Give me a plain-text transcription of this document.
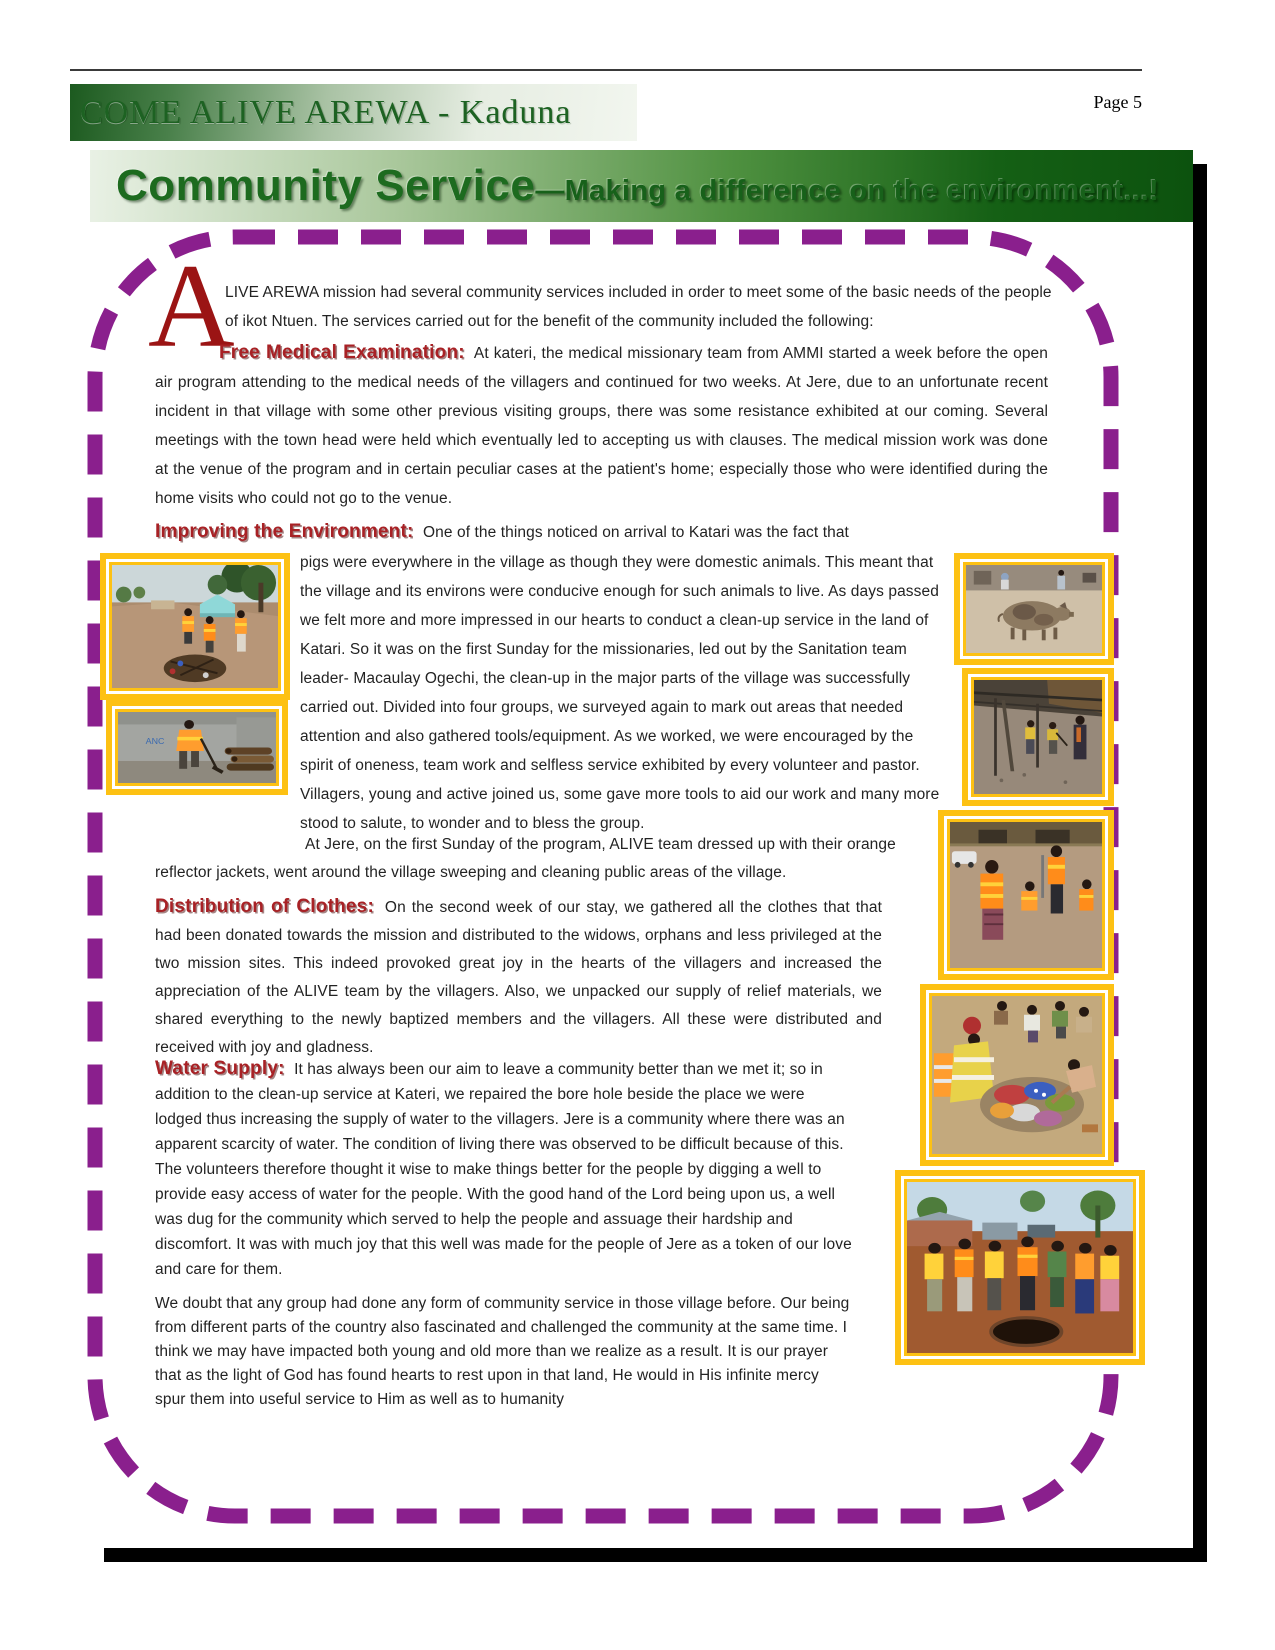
COME ALIVE AREWA - Kaduna	Page 5
Community Service —Making a difference on the environment...!
ANC
A

LIVE AREWA mission had several community services included in order to meet some of the basic needs of the people of ikot Ntuen. The services carried out for the benefit of the community included the following:

Free Medical Examination: At kateri, the medical missionary team from AMMI started a week before the open air program attending to the medical needs of the villagers and continued for two weeks. At Jere, due to an unfortunate recent incident in that village with some other previous visiting groups, there was some resistance exhibited at our coming. Several meetings with the town head were held which eventually led to accepting us with clauses. The medical mission work was done at the venue of the program and in certain peculiar cases at the patient's home; especially those who were identified during the home visits who could not go to the venue.

Improving the Environment: One of the things noticed on arrival to Katari was the fact that

pigs were everywhere in the village as though they were domestic animals. This meant that the village and its environs were conducive enough for such animals to live. As days passed we felt more and more impressed in our hearts to conduct a clean-up service in the land of Katari. So it was on the first Sunday for the missionaries, led out by the Sanitation team leader- Macaulay Ogechi, the clean-up in the major parts of the village was successfully carried out. Divided into four groups, we surveyed again to mark out areas that needed attention and also gathered tools/equipment. As we worked, we were encouraged by the spirit of oneness, team work and selfless service exhibited by every volunteer and pastor. Villagers, young and active joined us, some gave more tools to aid our work and many more stood to salute, to wonder and to bless the group.

At Jere, on the first Sunday of the program, ALIVE team dressed up with their orange reflector jackets, went around the village sweeping and cleaning public areas of the village.

Distribution of Clothes: On the second week of our stay, we gathered all the clothes that that had been donated towards the mission and distributed to the widows, orphans and less privileged at the two mission sites. This indeed provoked great joy in the hearts of the villagers and increased the appreciation of the ALIVE team by the villagers. Also, we unpacked our supply of relief materials, we shared everything to the newly baptized members and the villagers. All these were distributed and received with joy and gladness.

Water Supply: It has always been our aim to leave a community better than we met it; so in addition to the clean-up service at Kateri, we repaired the bore hole beside the place we were lodged thus increasing the supply of water to the villagers. Jere is a community where there was an apparent scarcity of water. The condition of living there was observed to be difficult because of this. The volunteers therefore thought it wise to make things better for the people by digging a well to provide easy access of water for the people. With the good hand of the Lord being upon us, a well was dug for the community which served to help the people and assuage their hardship and discomfort. It was with much joy that this well was made for the people of Jere as a token of our love and care for them.

We doubt that any group had done any form of community service in those village before. Our being from different parts of the country also fascinated and challenged the community at the same time. I think we may have impacted both young and old more than we realize as a result. It is our prayer that as the light of God has found hearts to rest upon in that land, He would in His infinite mercy spur them into useful service to Him as well as to humanity
